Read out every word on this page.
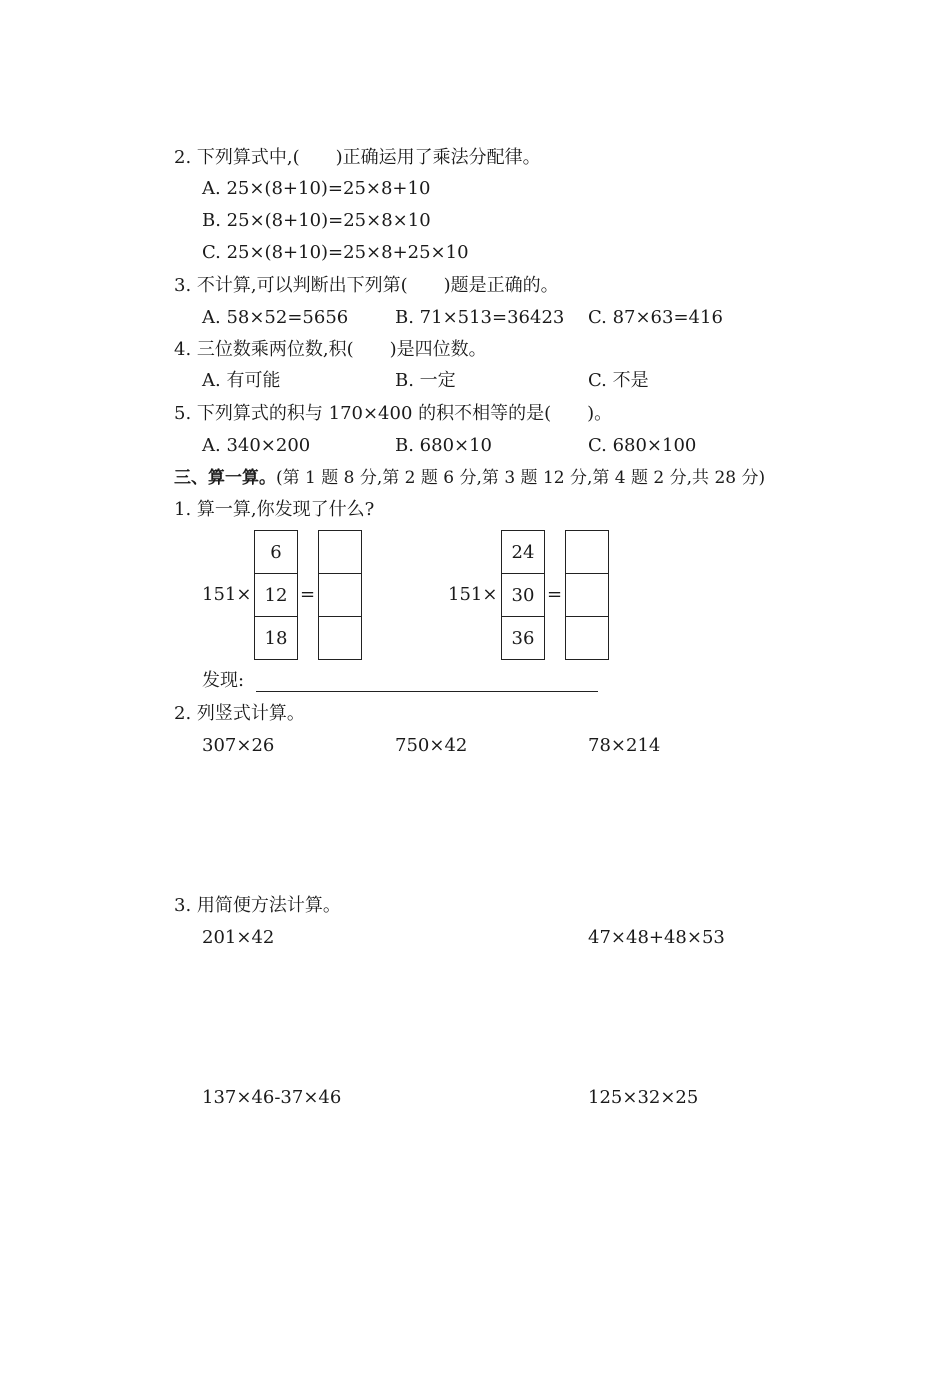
2. 下列算式中,(　　)正确运用了乘法分配律。
A. 25×(8+10)=25×8+10
B. 25×(8+10)=25×8×10
C. 25×(8+10)=25×8+25×10
3. 不计算,可以判断出下列第(　　)题是正确的。
A. 58×52=5656	B. 71×513=36423 C. 87×63=416
4. 三位数乘两位数,积(　　)是四位数。
A. 有可能	B. 一定	C. 不是
5. 下列算式的积与 170×400 的积不相等的是(　　)。
A. 340×200	B. 680×10	C. 680×100
三、算一算。(第 1 题 8 分,第 2 题 6 分,第 3 题 12 分,第 4 题 2 分,共 28 分)
1. 算一算,你发现了什么?
151×
6
12
18
=	151×
24
30
36
=
发现:
2. 列竖式计算。
307×26	750×42	78×214
3. 用简便方法计算。
201×42	47×48+48×53
137×46-37×46	125×32×25
